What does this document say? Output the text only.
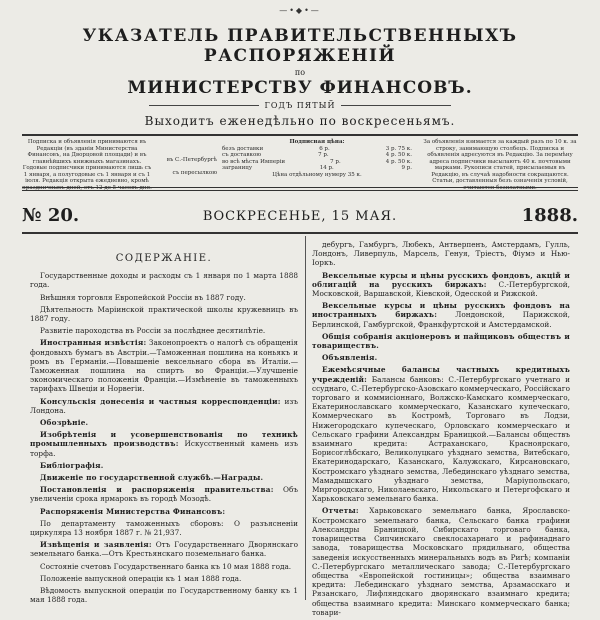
—•◆•—
УКАЗАТЕЛЬ ПРАВИТЕЛЬСТВЕННЫХЪ РАСПОРЯЖЕНІЙ
по
МИНИСТЕРСТВУ ФИНАНСОВЪ.
ГОДЪ ПЯТЫЙ
Выходитъ еженедѣльно по воскресеньямъ.
Подписка и объявленія принимаются въ Редакціи (въ зданіи Министерства Финансовъ, на Дворцовой площади) и въ главнѣйшихъ книжныхъ магазинахъ. Годовые подписчики принимаются лишь съ 1 января, а полугодовые съ 1 января и съ 1 іюля. Редакція открыта ежедневно, кромѣ праздничныхъ дней, отъ 12 до 5 часовъ дня.
въ С.-Петербургѣ
съ пересылкою
Подписная цѣна:
безъ доставки	6 р.	3 р. 75 к.
съ доставкою	7 р.	4 р. 50 к.
во всѣ мѣста Имперіи	7 р.	4 р. 50 к.
заграницу	14 р.	9 р.
Цѣна отдѣльному нумеру 35 к.
За объявленія взимается за каждый разъ по 10 к. за строку, занимающую столбецъ. Подписка и объявленія адресуются въ Редакцію. За перемѣну адреса подписчики высылаютъ 40 к. почтовыми марками. Рукописи статей, присылаемыя въ Редакцію, въ случаѣ надобности сокращаются. Статьи, доставленныя безъ означенія условій, считаются безплатными.
№ 20.	ВОСКРЕСЕНЬЕ, 15 МАЯ.	1888.
СОДЕРЖАНІЕ.

Государственные доходы и расходы съ 1 января по 1 марта 1888 года.

Внѣшняя торговля Европейской Россіи въ 1887 году.

Дѣятельность Маріинской практической школы кружевницъ въ 1887 году.

Развитіе пароходства въ Россіи за послѣднее десятилѣтіе.

Иностранныя извѣстія: Законопроектъ о налогѣ съ обращенія фондовыхъ бумагъ въ Австріи.—Таможенная пошлина на коньякъ и ромъ въ Германіи.—Повышеніе вексельнаго сбора въ Италіи.—Таможенная пошлина на спиртъ во Франціи.—Улучшеніе экономическаго положенія Франціи.—Измѣненіе въ таможенныхъ тарифахъ Швеціи и Норвегіи.

Консульскія донесенія и частныя корреспонденціи: изъ Лондона.

Обозрѣніе.

Изобрѣтенія и усовершенствованія по техникѣ промышленныхъ производствъ: Искусственный камень изъ торфа.

Библіографія.

Движеніе по государственной службѣ.—Награды.

Постановленія и распоряженія правительства: Объ увеличеніи срока ярмарокъ въ городѣ Мозодѣ.

Распоряженія Министерства Финансовъ:

По департаменту таможенныхъ сборовъ: О разъясненіи циркуляра 13 ноября 1887 г. № 21,937.

Извѣщенія и заявленія: Отъ Государственнаго Дворянскаго земельнаго банка.—Отъ Крестьянскаго поземельнаго банка.

Состояніе счетовъ Государственнаго банка къ 10 мая 1888 года.

Положеніе выпускной операціи къ 1 мая 1888 года.

Вѣдомость выпускной операціи по Государственному банку къ 1 мая 1888 года.

дебургъ, Гамбургъ, Любекъ, Антверпенъ, Амстердамъ, Гулль, Лондонъ, Ливерпуль, Марсель, Генуя, Тріестъ, Фіумэ и Нью-Іоркъ.

Вексельные курсы и цѣны русскихъ фондовъ, акцій и облигацій на русскихъ биржахъ: С.-Петербургской, Московской, Варшавской, Кіевской, Одесской и Рижской.

Вексельные курсы и цѣны русскихъ фондовъ на иностранныхъ биржахъ: Лондонской, Парижской, Берлинской, Гамбургской, Франкфуртской и Амстердамской.

Общія собранія акціонеровъ и пайщиковъ обществъ и товариществъ.

Объявленія.

Ежемѣсячные балансы частныхъ кредитныхъ учрежденій: Балансы банковъ: С.-Петербургскаго учетнаго и ссуднаго, С.-Петербургско-Азовскаго коммерческаго, Россійскаго торговаго и коммисіоннаго, Волжско-Камскаго коммерческаго, Екатеринославскаго коммерческаго, Казанскаго купеческаго, Коммерческаго въ Костромѣ, Торговаго въ Лодзи, Нижегородскаго купеческаго, Орловскаго коммерческаго и Сельскаго графини Александры Браницкой.—Балансы обществъ взаимнаго кредита: Астраханскаго, Красноярскаго, Борисоглѣбскаго, Великолуцкаго уѣзднаго земства, Витебскаго, Екатеринодарскаго, Казанскаго, Калужскаго, Кирсановскаго, Костромскаго уѣзднаго земства, Лебединскаго уѣзднаго земства, Мамадышскаго уѣзднаго земства, Маріупольскаго, Миргородскаго, Николаевскаго, Никольскаго и Петергофскаго и Харьковскаго земельнаго банка.

Отчеты: Харьковскаго земельнаго банка, Ярославско-Костромскаго земельнаго банка, Сельскаго банка графини Александры Браницкой, Сибирскаго торговаго банка, товарищества Сипчинскаго свеклосахарнаго и рафинаднаго завода, товарищества Московскаго прядильнаго, общества заведенія искусственныхъ минеральныхъ водъ въ Ригѣ; компаніи С.-Петербургскаго металлическаго завода; С.-Петербургскаго общества «Европейской гостиницы»; общества взаимнаго кредита: Лебединскаго уѣзднаго земства, Арзамасскаго и Рязанскаго, Лифляндскаго дворянскаго взаимнаго кредита; общества взаимнаго кредита: Минскаго коммерческаго банка; товари-
